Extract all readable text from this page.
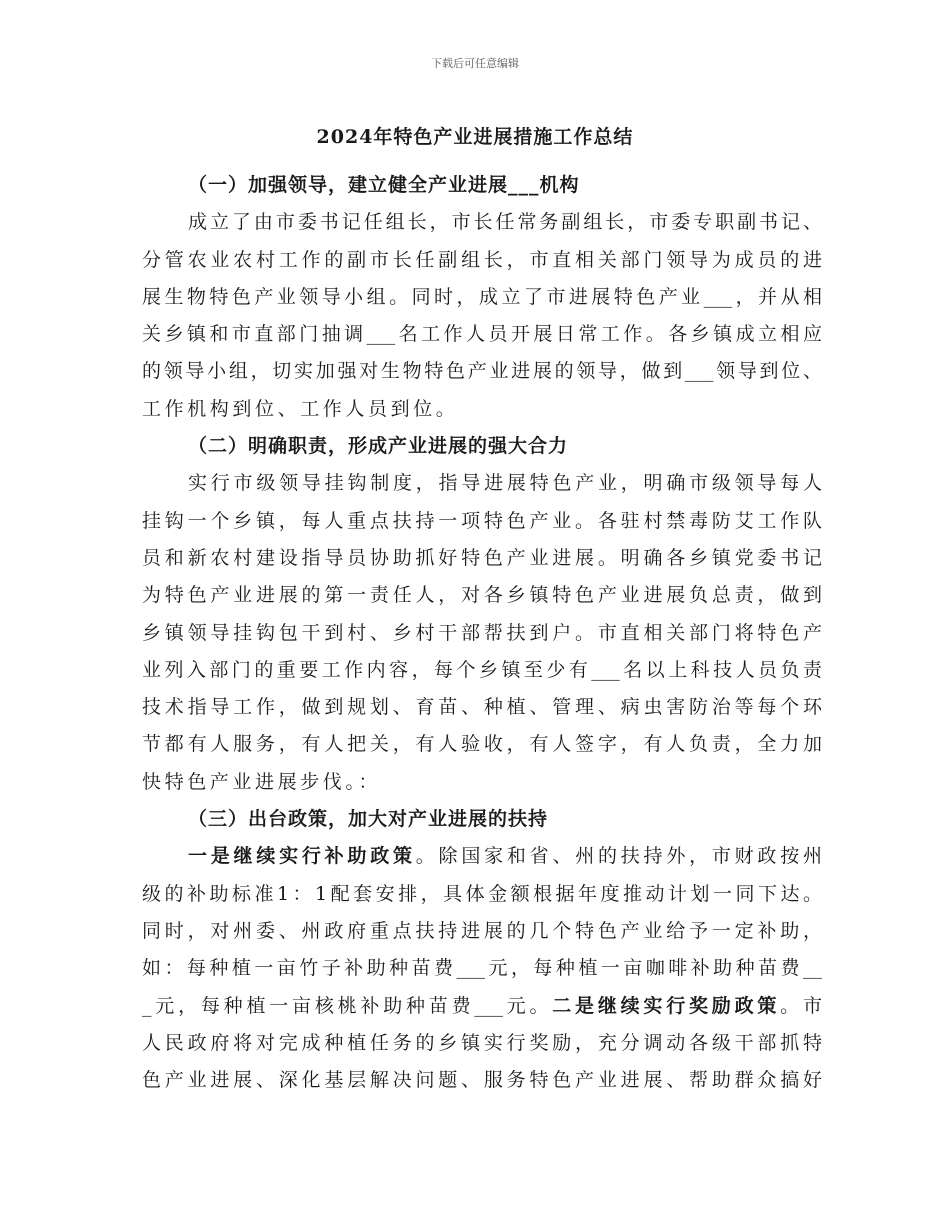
下载后可任意编辑
2024年特色产业进展措施工作总结
（一）加强领导，建立健全产业进展___机构
成立了由市委书记任组长，市长任常务副组长，市委专职副书记、
分管农业农村工作的副市长任副组长，市直相关部门领导为成员的进
展生物特色产业领导小组。同时，成立了市进展特色产业___，并从相
关乡镇和市直部门抽调___名工作人员开展日常工作。各乡镇成立相应
的领导小组，切实加强对生物特色产业进展的领导，做到___领导到位、
工作机构到位、工作人员到位。
（二）明确职责，形成产业进展的强大合力
实行市级领导挂钩制度，指导进展特色产业，明确市级领导每人
挂钩一个乡镇，每人重点扶持一项特色产业。各驻村禁毒防艾工作队
员和新农村建设指导员协助抓好特色产业进展。明确各乡镇党委书记
为特色产业进展的第一责任人，对各乡镇特色产业进展负总责，做到
乡镇领导挂钩包干到村、乡村干部帮扶到户。市直相关部门将特色产
业列入部门的重要工作内容，每个乡镇至少有___名以上科技人员负责
技术指导工作，做到规划、育苗、种植、管理、病虫害防治等每个环
节都有人服务，有人把关，有人验收，有人签字，有人负责，全力加
快特色产业进展步伐。：
（三）出台政策，加大对产业进展的扶持
一是继续实行补助政策。除国家和省、州的扶持外，市财政按州
级的补助标准1：1配套安排，具体金额根据年度推动计划一同下达。
同时，对州委、州政府重点扶持进展的几个特色产业给予一定补助，
如：每种植一亩竹子补助种苗费___元，每种植一亩咖啡补助种苗费__
_元，每种植一亩核桃补助种苗费___元。二是继续实行奖励政策。市
人民政府将对完成种植任务的乡镇实行奖励，充分调动各级干部抓特
色产业进展、深化基层解决问题、服务特色产业进展、帮助群众搞好
